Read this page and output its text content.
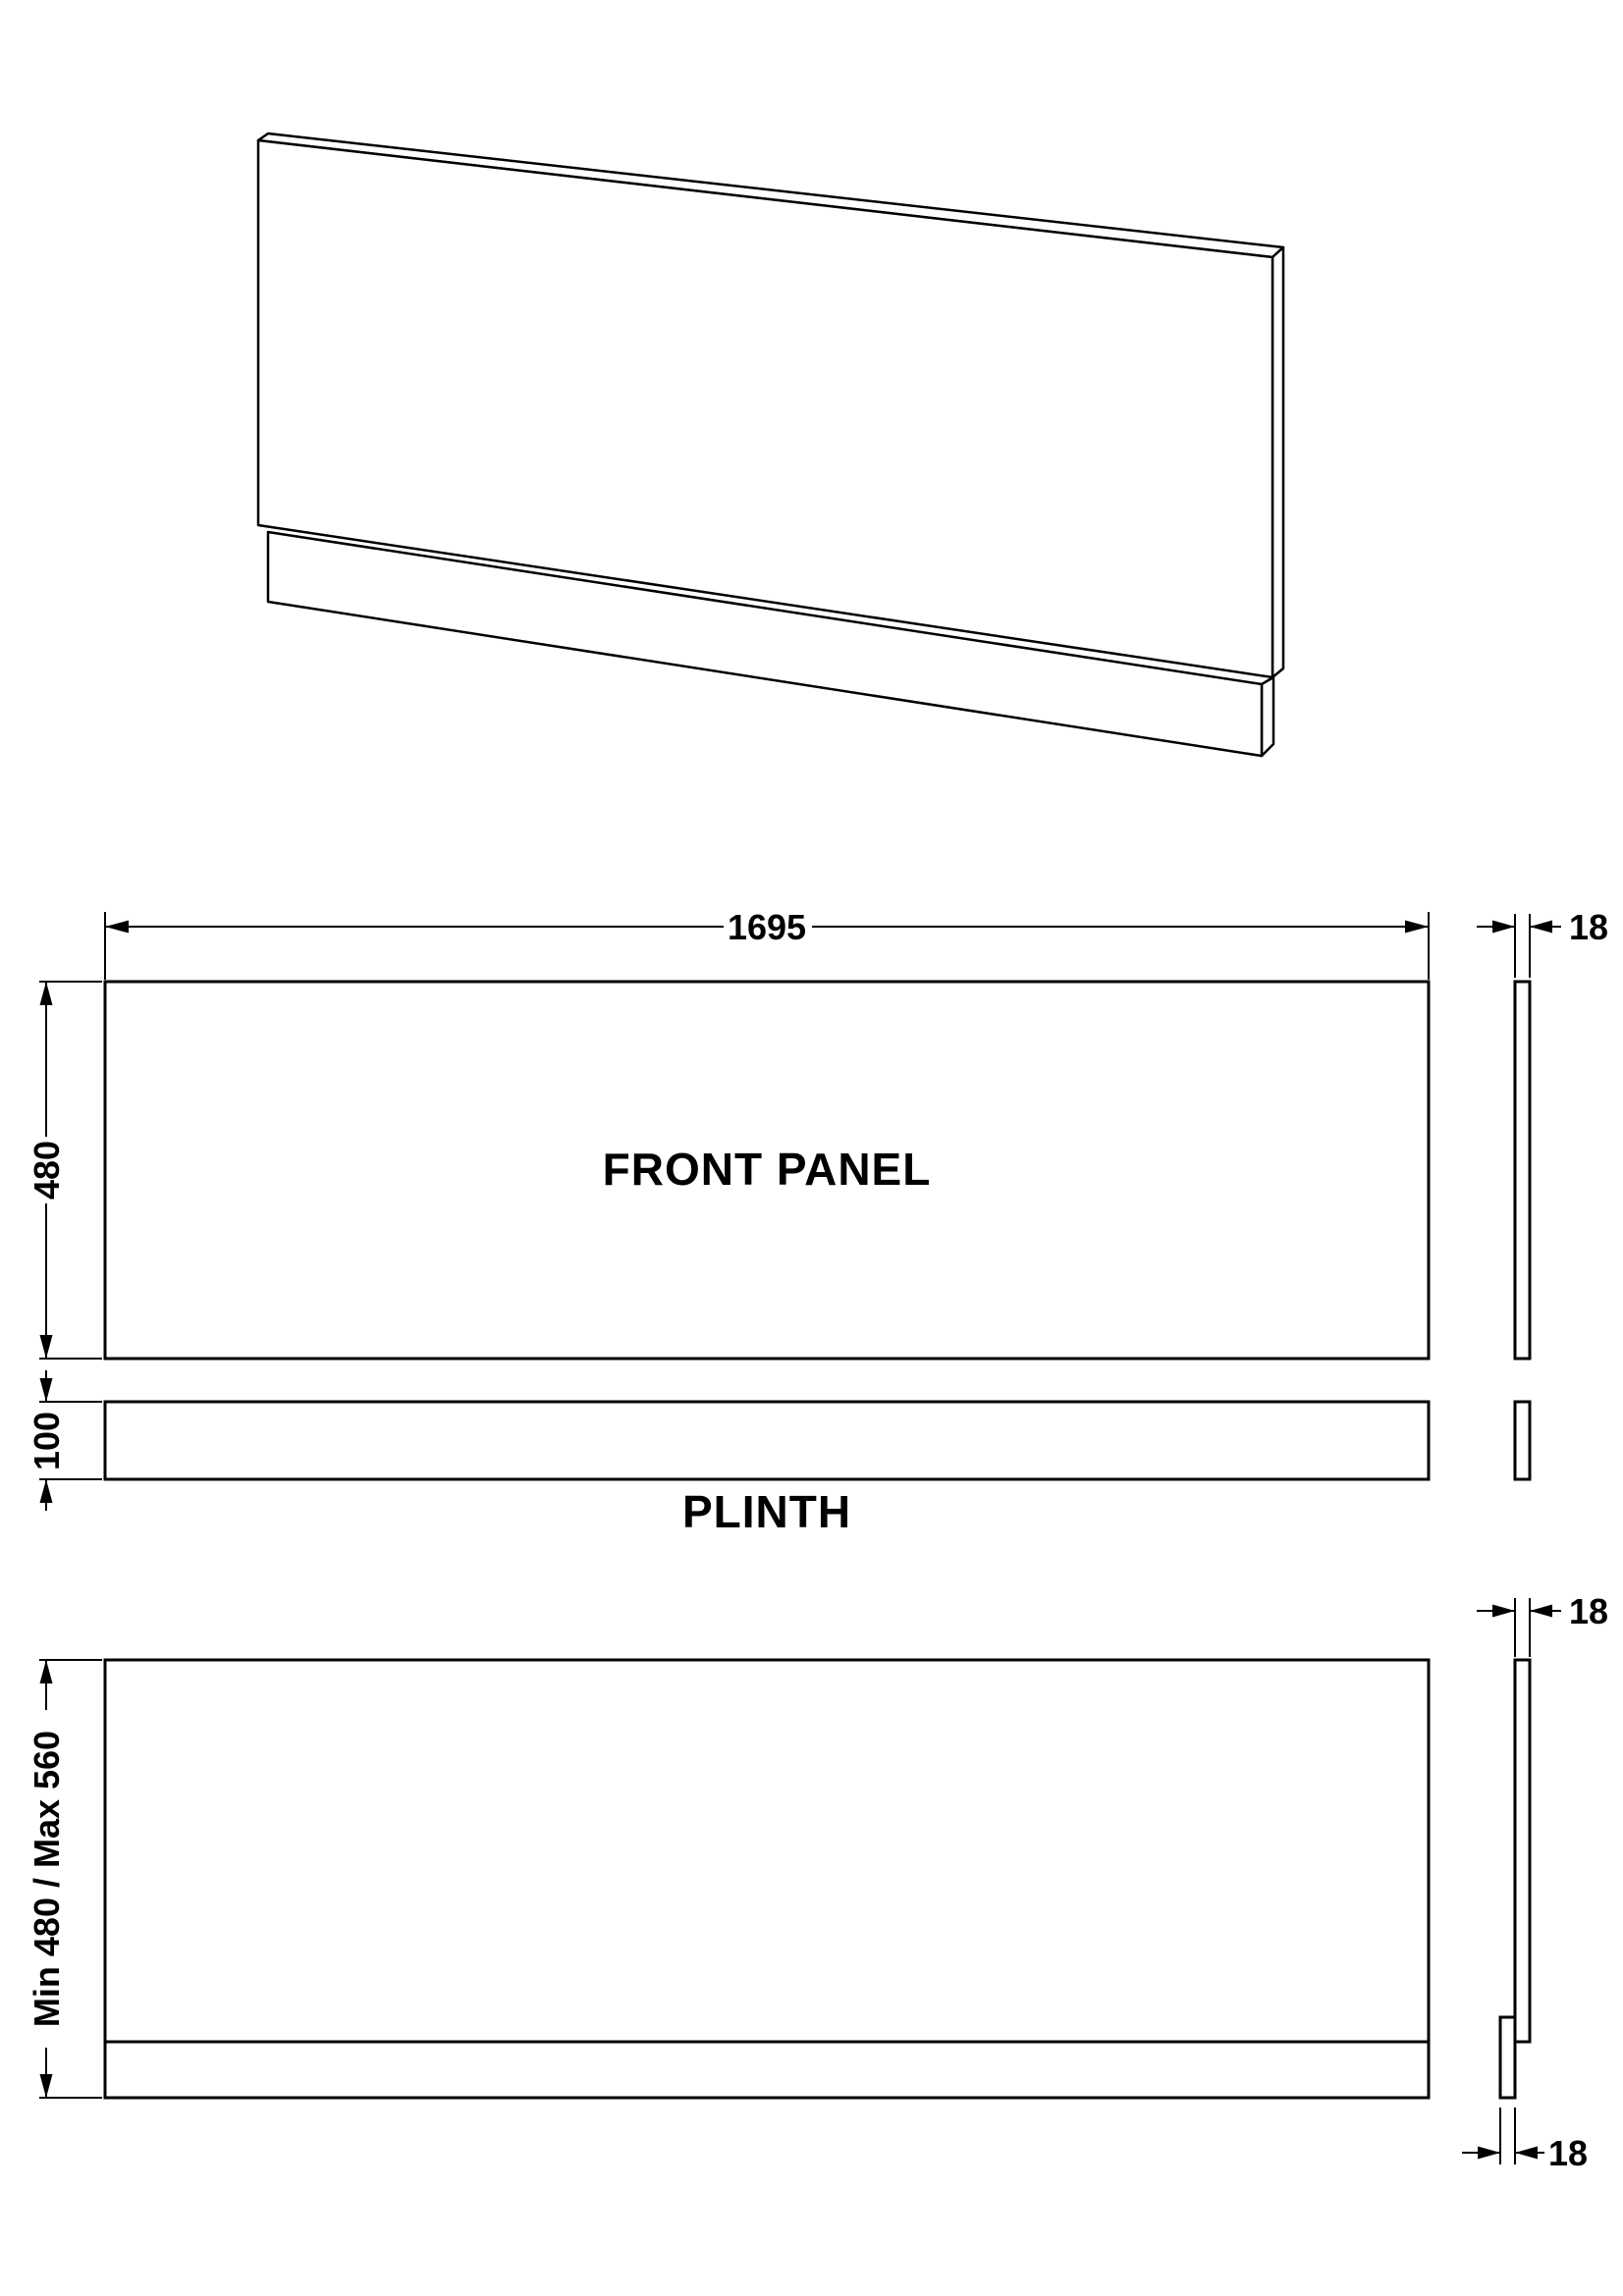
FRONT PANEL
1695
480
18
PLINTH
100
Min 480 / Max 560
18
18
